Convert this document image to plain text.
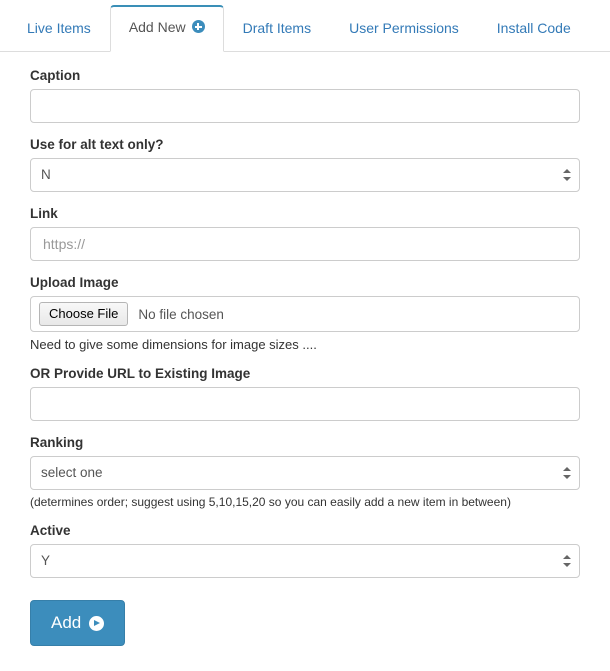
Live Items	Add New	Draft Items	User Permissions	Install Code
Caption
Use for alt text only?
N
Link
https://
Upload Image
Choose File	No file chosen
Need to give some dimensions for image sizes ....
OR Provide URL to Existing Image
Ranking
select one
(determines order; suggest using 5,10,15,20 so you can easily add a new item in between)
Active
Y
Add
